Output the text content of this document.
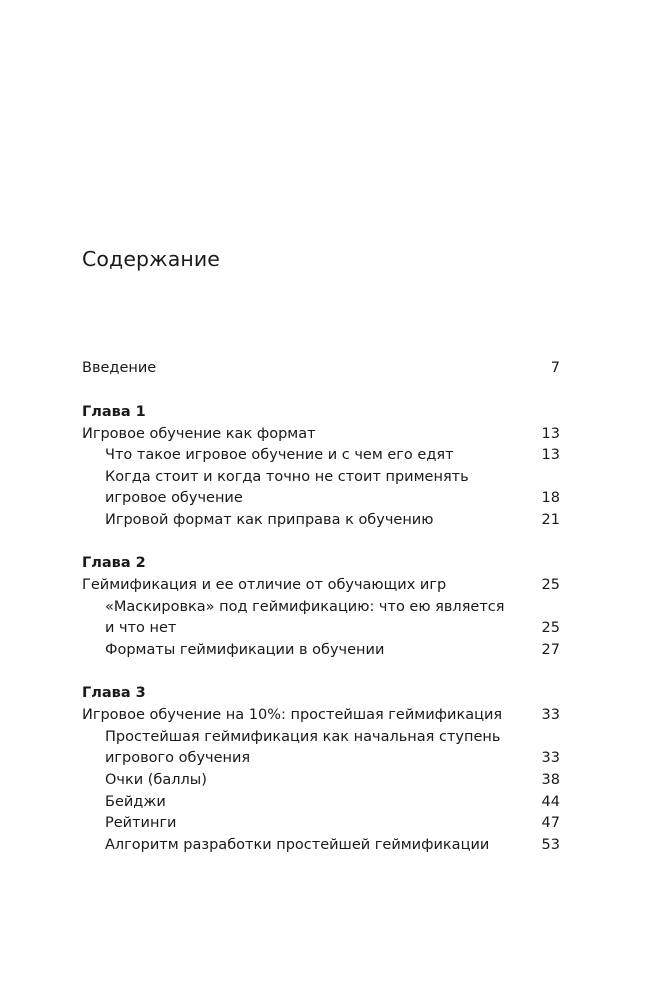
Содержание
Введение	7
Глава 1
Игровое обучение как формат	13
Что такое игровое обучение и с чем его едят	13
Когда стоит и когда точно не стоит применять
игровое обучение	18
Игровой формат как приправа к обучению	21
Глава 2
Геймификация и ее отличие от обучающих игр	25
«Маскировка» под геймификацию: что ею является
и что нет	25
Форматы геймификации в обучении	27
Глава 3
Игровое обучение на 10%: простейшая геймификация	33
Простейшая геймификация как начальная ступень
игрового обучения	33
Очки (баллы)	38
Бейджи	44
Рейтинги	47
Алгоритм разработки простейшей геймификации	53
